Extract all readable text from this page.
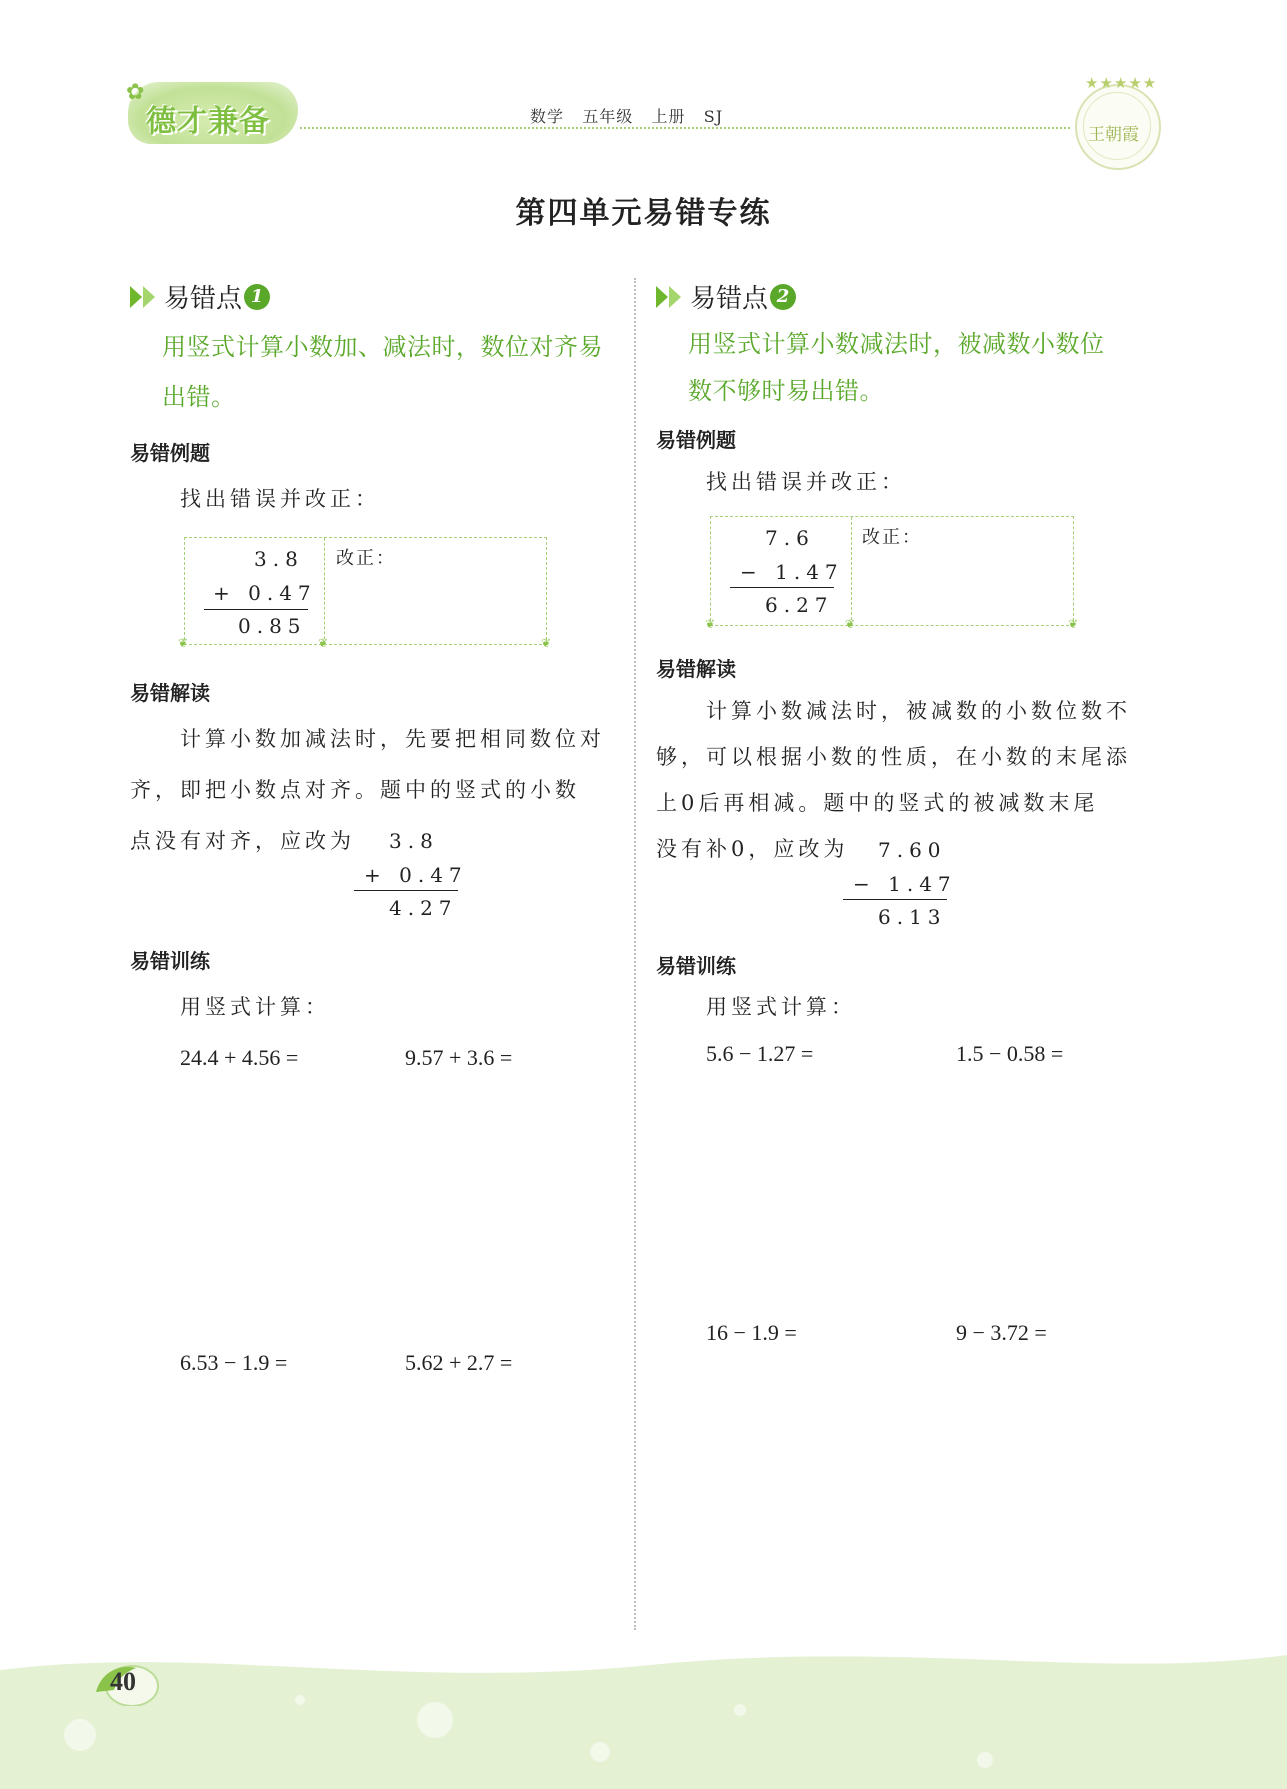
✿
德才兼备	数学   五年级   上册   SJ
★★★★★
王朝霞
第四单元易错专练
易错点 1
用竖式计算小数加、减法时，数位对齐易
出错。
易错例题
找出错误并改正：
❦	❦	❦
3.8
+ 0.47
0.85
改正：
易错解读
计算小数加减法时，先要把相同数位对
齐，即把小数点对齐。题中的竖式的小数
点没有对齐，应改为 3.8
+ 0.47
4.27
易错训练
用竖式计算：
24.4 + 4.56 =	9.57 + 3.6 =
6.53 − 1.9 =	5.62 + 2.7 =
易错点 2
用竖式计算小数减法时，被减数小数位
数不够时易出错。
易错例题
找出错误并改正：
❦	❦	❦
7.6
− 1.47
6.27
改正：
易错解读
计算小数减法时，被减数的小数位数不
够，可以根据小数的性质，在小数的末尾添
上0后再相减。题中的竖式的被减数末尾
没有补0，应改为 7.60
− 1.47
6.13
易错训练
用竖式计算：
5.6 − 1.27 =	1.5 − 0.58 =
16 − 1.9 =	9 − 3.72 =
40
